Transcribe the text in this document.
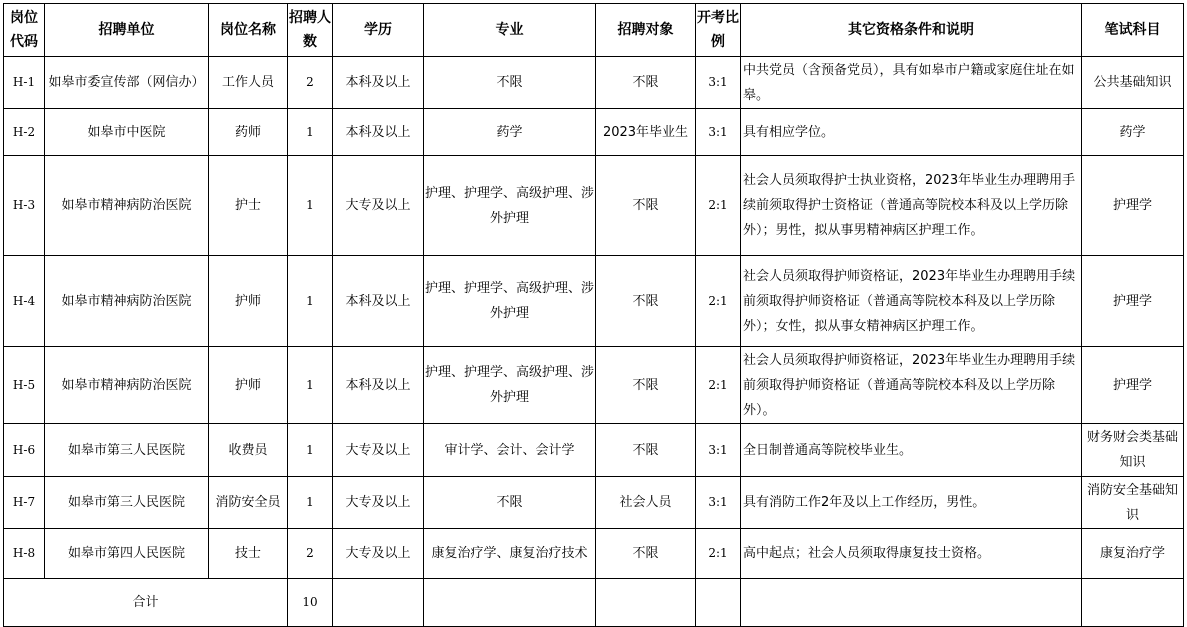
岗位代码	招聘单位	岗位名称	招聘人数	学历	专业	招聘对象	开考比例	其它资格条件和说明	笔试科目
H-1	如皋市委宣传部（网信办）	工作人员	2	本科及以上	不限	不限	3:1	中共党员（含预备党员），具有如皋市户籍或家庭住址在如皋。	公共基础知识
H-2	如皋市中医院	药师	1	本科及以上	药学	2023年毕业生	3:1	具有相应学位。	药学
H-3	如皋市精神病防治医院	护士	1	大专及以上	护理、护理学、高级护理、涉外护理	不限	2:1	社会人员须取得护士执业资格，2023年毕业生办理聘用手续前须取得护士资格证（普通高等院校本科及以上学历除外）；男性，拟从事男精神病区护理工作。	护理学
H-4	如皋市精神病防治医院	护师	1	本科及以上	护理、护理学、高级护理、涉外护理	不限	2:1	社会人员须取得护师资格证，2023年毕业生办理聘用手续前须取得护师资格证（普通高等院校本科及以上学历除外）；女性，拟从事女精神病区护理工作。	护理学
H-5	如皋市精神病防治医院	护师	1	本科及以上	护理、护理学、高级护理、涉外护理	不限	2:1	社会人员须取得护师资格证，2023年毕业生办理聘用手续前须取得护师资格证（普通高等院校本科及以上学历除外）。	护理学
H-6	如皋市第三人民医院	收费员	1	大专及以上	审计学、会计、会计学	不限	3:1	全日制普通高等院校毕业生。	财务财会类基础知识
H-7	如皋市第三人民医院	消防安全员	1	大专及以上	不限	社会人员	3:1	具有消防工作2年及以上工作经历，男性。	消防安全基础知识
H-8	如皋市第四人民医院	技士	2	大专及以上	康复治疗学、康复治疗技术	不限	2:1	高中起点；社会人员须取得康复技士资格。	康复治疗学
合计			10						
